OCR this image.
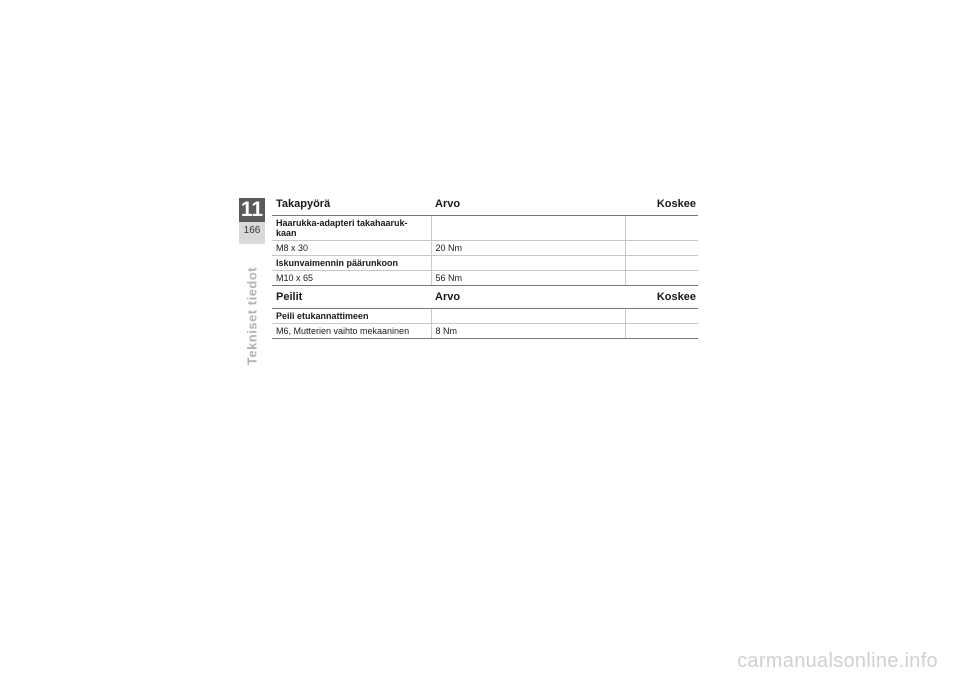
11
166
Tekniset tiedot
Takapyörä	Arvo	Koskee
Haarukka-adapteri takahaaruk-kaan		
M8 x 30	20 Nm	
Iskunvaimennin päärunkoon		
M10 x 65	56 Nm	
Peilit	Arvo	Koskee
Peili etukannattimeen		
M6, Mutterien vaihto mekaaninen	8 Nm	
carmanualsonline.info
